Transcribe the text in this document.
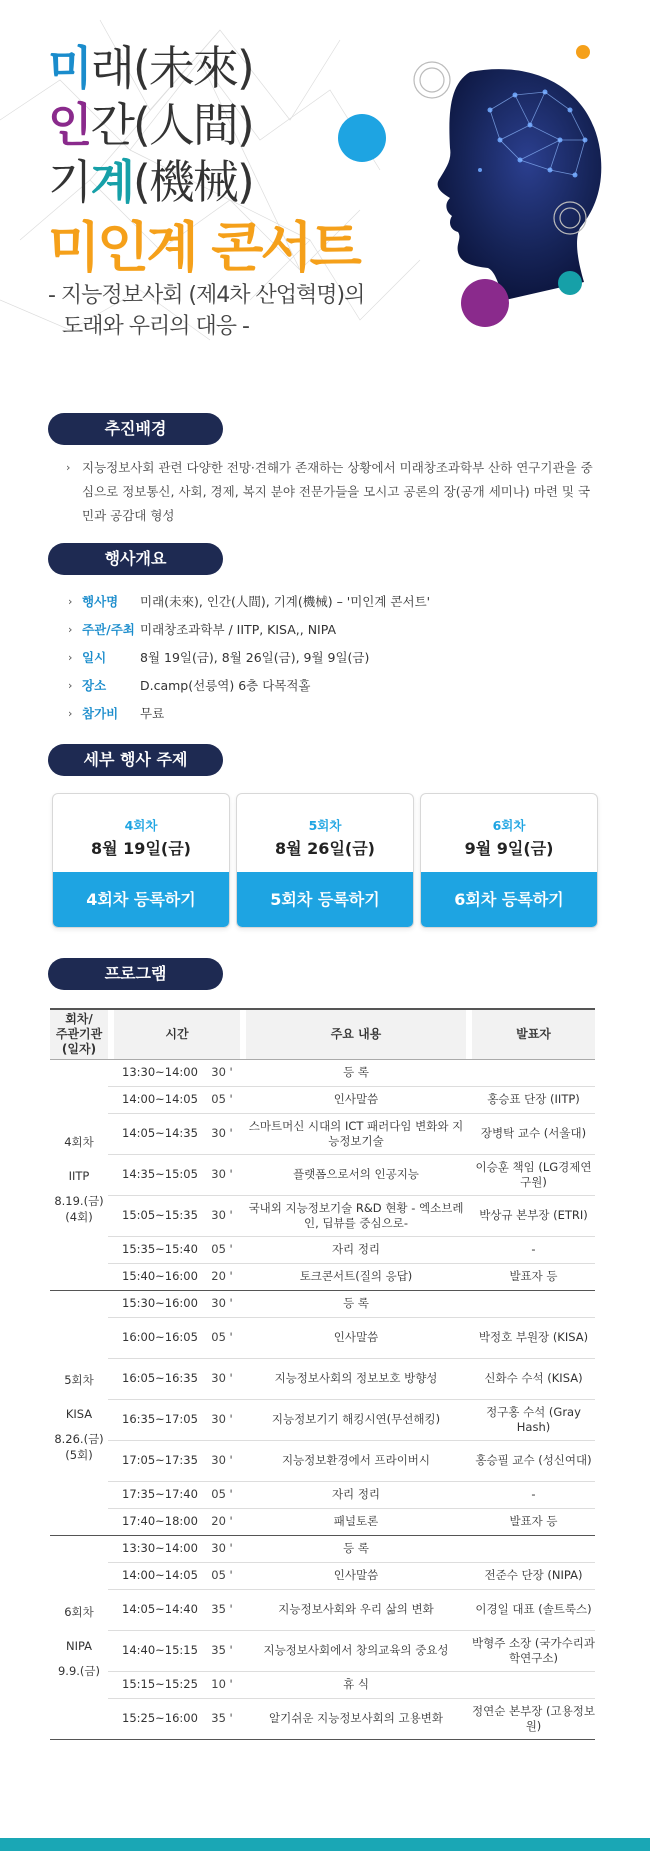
미래(未來)
인간(人間)
기계(機械)
미인계 콘서트
- 지능정보사회 (제4차 산업혁명)의
도래와 우리의 대응 -
추진배경
› 지능정보사회 관련 다양한 전망·견해가 존재하는 상황에서 미래창조과학부 산하 연구기관을 중심으로 정보통신, 사회, 경제, 복지 분야 전문가들을 모시고 공론의 장(공개 세미나) 마련 및 국민과 공감대 형성

행사개요
› 행사명 미래(未來), 인간(人間), 기계(機械) – '미인계 콘서트'
› 주관/주최 미래창조과학부 / IITP, KISA,, NIPA
› 일시	8월 19일(금), 8월 26일(금), 9월 9일(금)
› 장소	D.camp(선릉역) 6층 다목적홀
› 참가비 무료
세부 행사 주제
4회차
8월 19일(금)
4회차 등록하기
5회차
8월 26일(금)
5회차 등록하기
6회차
9월 9일(금)
6회차 등록하기
프로그램
회차/
주관기관
(일자)		시간			주요 내용		발표자

4회차
IITP
8.19.(금)
(4회)		13:30~14:00	30 '		등 록		
		14:00~14:05	05 '		인사말씀		홍승표 단장 (IITP)
		14:05~14:35	30 '		스마트머신 시대의 ICT 패러다임 변화와 지능정보기술		장병탁 교수 (서울대)
		14:35~15:05	30 '		플랫폼으로서의 인공지능		이승훈 책임 (LG경제연구원)
		15:05~15:35	30 '		국내외 지능정보기술 R&D 현황 - 엑소브레인, 딥뷰를 중심으로-		박상규 본부장 (ETRI)
		15:35~15:40	05 '		자리 정리		-
		15:40~16:00	20 '		토크콘서트(질의 응답)		발표자 등

5회차
KISA
8.26.(금)
(5회)		15:30~16:00	30 '		등 록		
		16:00~16:05	05 '		인사말씀		박정호 부원장 (KISA)
		16:05~16:35	30 '		지능정보사회의 정보보호 방향성		신화수 수석 (KISA)
		16:35~17:05	30 '		지능정보기기 해킹시연(무선해킹)		정구홍 수석 (Gray Hash)
		17:05~17:35	30 '		지능정보환경에서 프라이버시		홍승필 교수 (성신여대)
		17:35~17:40	05 '		자리 정리		-
		17:40~18:00	20 '		패널토론		발표자 등

6회차
NIPA
9.9.(금)		13:30~14:00	30 '		등 록		
		14:00~14:05	05 '		인사말씀		전준수 단장 (NIPA)
		14:05~14:40	35 '		지능정보사회와 우리 삶의 변화		이경일 대표 (솔트룩스)
		14:40~15:15	35 '		지능정보사회에서 창의교육의 중요성		박형주 소장 (국가수리과학연구소)
		15:15~15:25	10 '		휴 식		
		15:25~16:00	35 '		알기쉬운 지능정보사회의 고용변화		정연순 본부장 (고용정보원)
